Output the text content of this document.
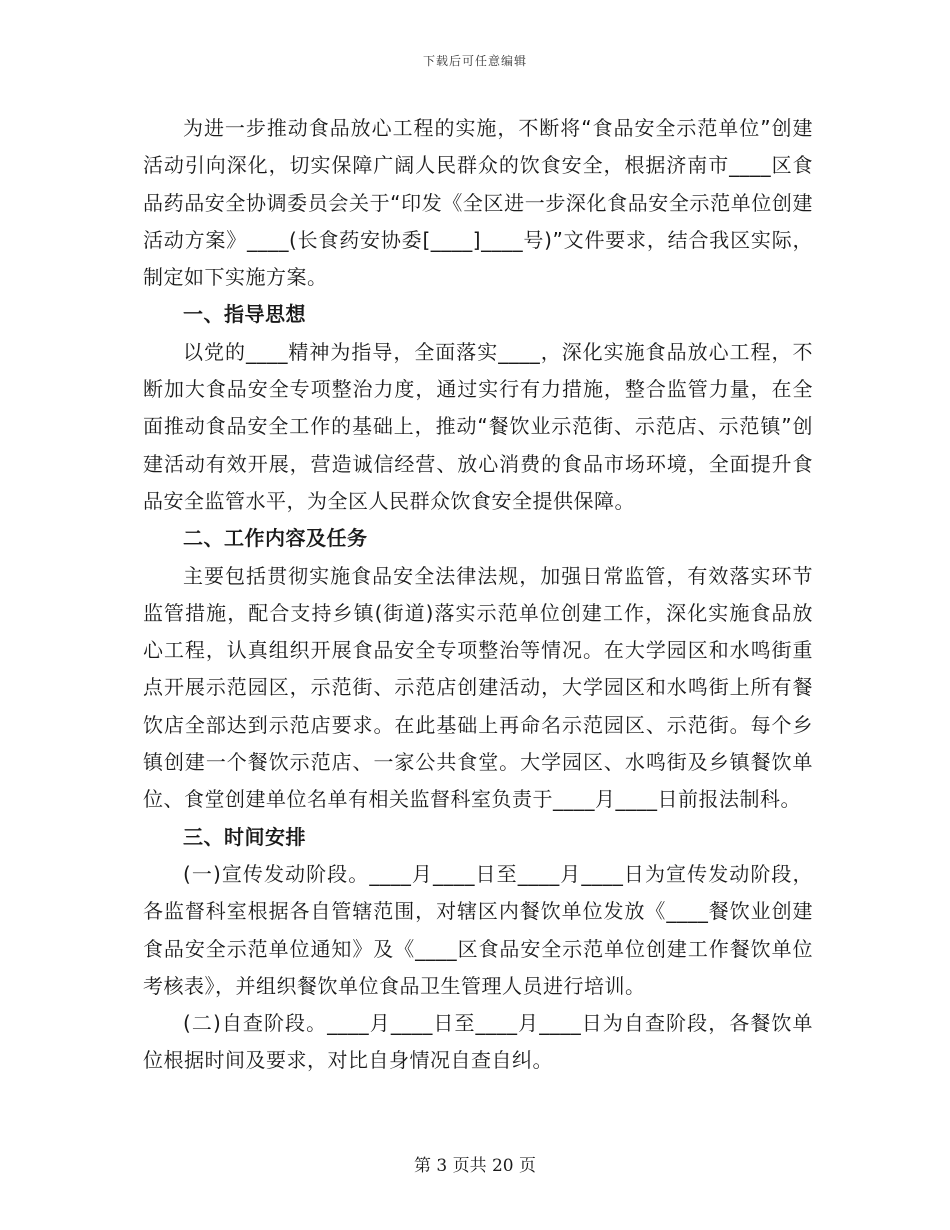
下载后可任意编辑

为进一步推动食品放心工程的实施，不断将“食品安全示范单位”创建活动引向深化，切实保障广阔人民群众的饮食安全，根据济南市____区食品药品安全协调委员会关于“印发《全区进一步深化食品安全示范单位创建活动方案》____(长食药安协委[____]____号)”文件要求，结合我区实际，制定如下实施方案。

一、指导思想

以党的____精神为指导，全面落实____，深化实施食品放心工程，不断加大食品安全专项整治力度，通过实行有力措施，整合监管力量，在全面推动食品安全工作的基础上，推动“餐饮业示范街、示范店、示范镇”创建活动有效开展，营造诚信经营、放心消费的食品市场环境，全面提升食品安全监管水平，为全区人民群众饮食安全提供保障。

二、工作内容及任务

主要包括贯彻实施食品安全法律法规，加强日常监管，有效落实环节监管措施，配合支持乡镇(街道)落实示范单位创建工作，深化实施食品放心工程，认真组织开展食品安全专项整治等情况。在大学园区和水鸣街重点开展示范园区，示范街、示范店创建活动，大学园区和水鸣街上所有餐饮店全部达到示范店要求。在此基础上再命名示范园区、示范街。每个乡镇创建一个餐饮示范店、一家公共食堂。大学园区、水鸣街及乡镇餐饮单位、食堂创建单位名单有相关监督科室负责于____月____日前报法制科。

三、时间安排

(一)宣传发动阶段。____月____日至____月____日为宣传发动阶段，各监督科室根据各自管辖范围，对辖区内餐饮单位发放《____餐饮业创建食品安全示范单位通知》及《____区食品安全示范单位创建工作餐饮单位考核表》，并组织餐饮单位食品卫生管理人员进行培训。

(二)自查阶段。____月____日至____月____日为自查阶段，各餐饮单位根据时间及要求，对比自身情况自查自纠。

第 3 页共 20 页
